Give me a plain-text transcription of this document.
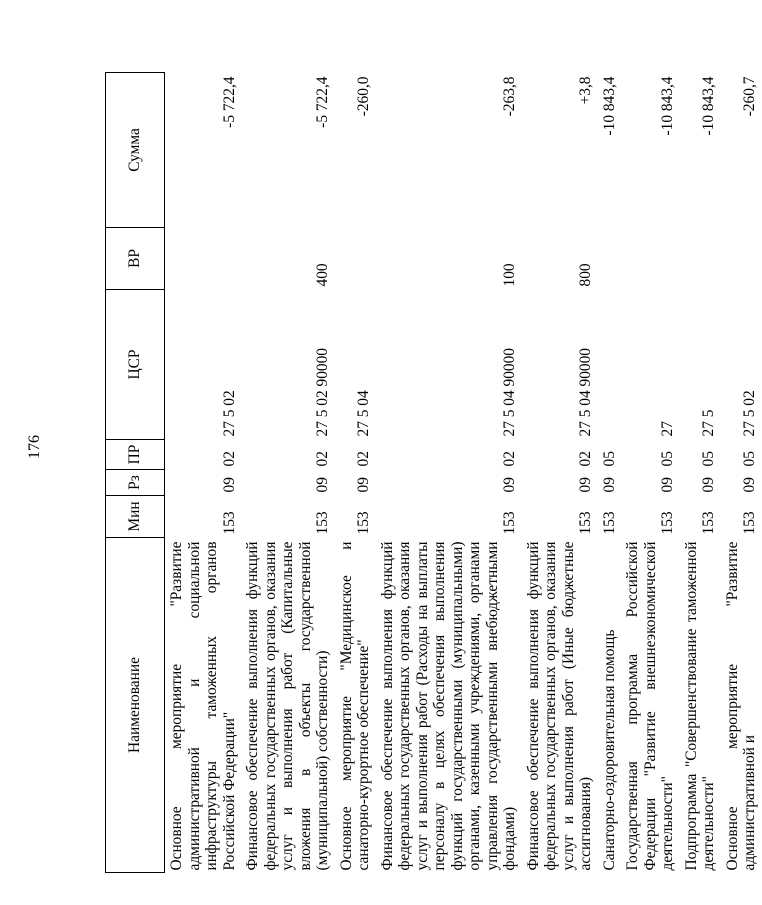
176
Наименование	Мин	Рз	ПР	ЦСР	ВР	Сумма
Основное мероприятие "Развитие административной и социальной инфраструктуры таможенных органов Российской Федерации"	153	09	02	27 5 02		-5 722,4
Финансовое обеспечение выполнения функций федеральных государственных органов, оказания услуг и выполнения работ (Капитальные вложения в объекты государственной (муниципальной) собственности)	153	09	02	27 5 02 90000	400	-5 722,4
Основное мероприятие "Медицинское и санаторно-курортное обеспечение"	153	09	02	27 5 04		-260,0
Финансовое обеспечение выполнения функций федеральных государственных органов, оказания услуг и выполнения работ (Расходы на выплаты персоналу в целях обеспечения выполнения функций государственными (муниципальными) органами, казенными учреждениями, органами управления государственными внебюджетными фондами)	153	09	02	27 5 04 90000	100	-263,8
Финансовое обеспечение выполнения функций федеральных государственных органов, оказания услуг и выполнения работ (Иные бюджетные ассигнования)	153	09	02	27 5 04 90000	800	+3,8
Санаторно-оздоровительная помощь	153	09	05			-10 843,4
Государственная программа Российской Федерации "Развитие внешнеэкономической деятельности"	153	09	05	27		-10 843,4
Подпрограмма "Совершенствование таможенной деятельности"	153	09	05	27 5		-10 843,4
Основное мероприятие "Развитие административной и	153	09	05	27 5 02		-260,7
